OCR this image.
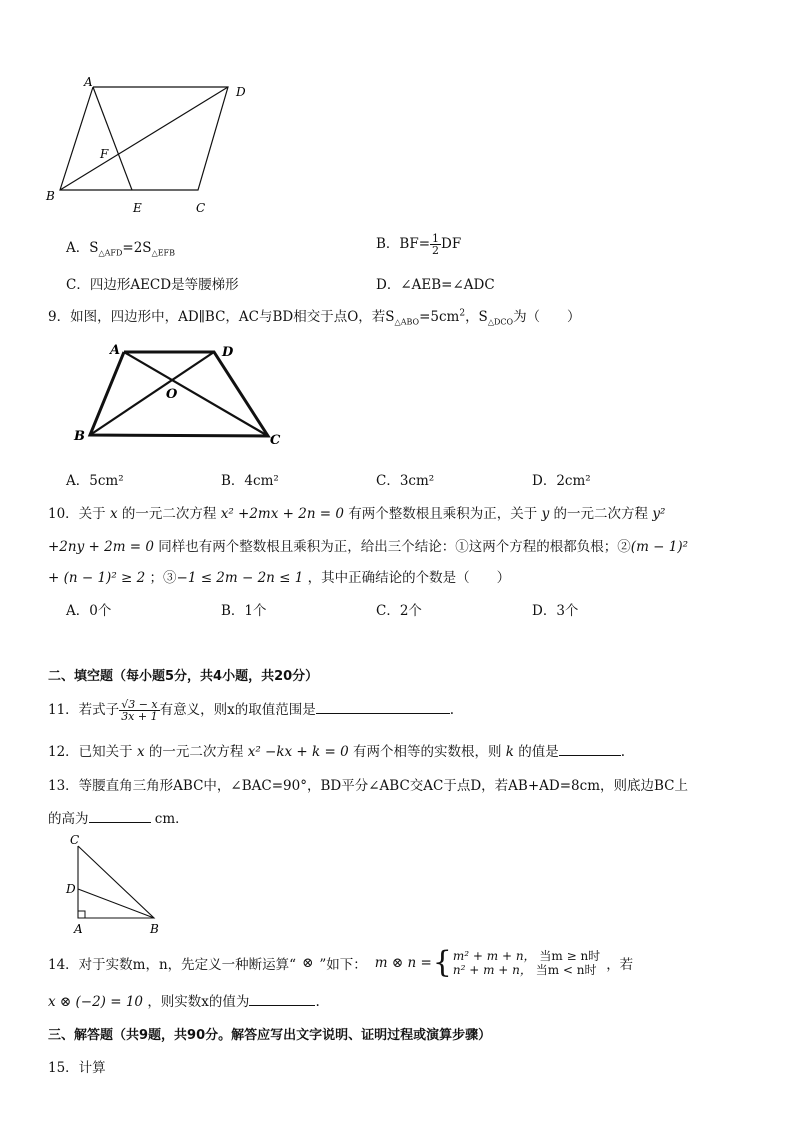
A
D
F
B
E	C
A．$S_{\triangle AFD}=2S_{\triangle EFB}$
B．$BF= \frac{1}{2}$ DF
C．四边形AECD是等腰梯形	D．∠AEB=∠ADC
9．如图，四边形中，AD∥BC，AC与BD相交于点O，若$S_{\triangle ABO}=5cm^2$，$S_{\triangle DCO}$为（　　）
A	D
O
B	C
A．5cm²	B．4cm²	C．3cm²	D．2cm²
10．关于 x 的一元二次方程 x² +2mx + 2n = 0 有两个整数根且乘积为正，关于 y 的一元二次方程 y²
+2ny + 2m = 0 同样也有两个整数根且乘积为正，给出三个结论：①这两个方程的根都负根；②(m − 1)²
+ (n − 1)² ≥ 2 ；③−1 ≤ 2m − 2n ≤ 1 ，其中正确结论的个数是（　　）
A．0个	B．1个	C．2个	D．3个
二、填空题（每小题5分，共4小题，共20分）
11．若式子 $\frac{√3 - x}{3x + 1}$ 有意义，则x的取值范围是	.
12．已知关于 x 的一元二次方程 x² −kx + k = 0 有两个相等的实数根，则 k 的值是	.
13．等腰直角三角形ABC中，∠BAC=90°，BD平分∠ABC交AC于点D，若AB+AD=8cm，则底边BC上
的高为	cm．
C
D
A	B
14．对于实数m，n，先定义一种断运算“ ⊗ ”如下： m ⊗ n = { m² + m + n， 当m ≥ n时
n² + m + n， 当m < n时 ，若
x ⊗ (−2) = 10 ，则实数x的值为	.
三、解答题（共9题，共90分。解答应写出文字说明、证明过程或演算步骤）
15．计算
